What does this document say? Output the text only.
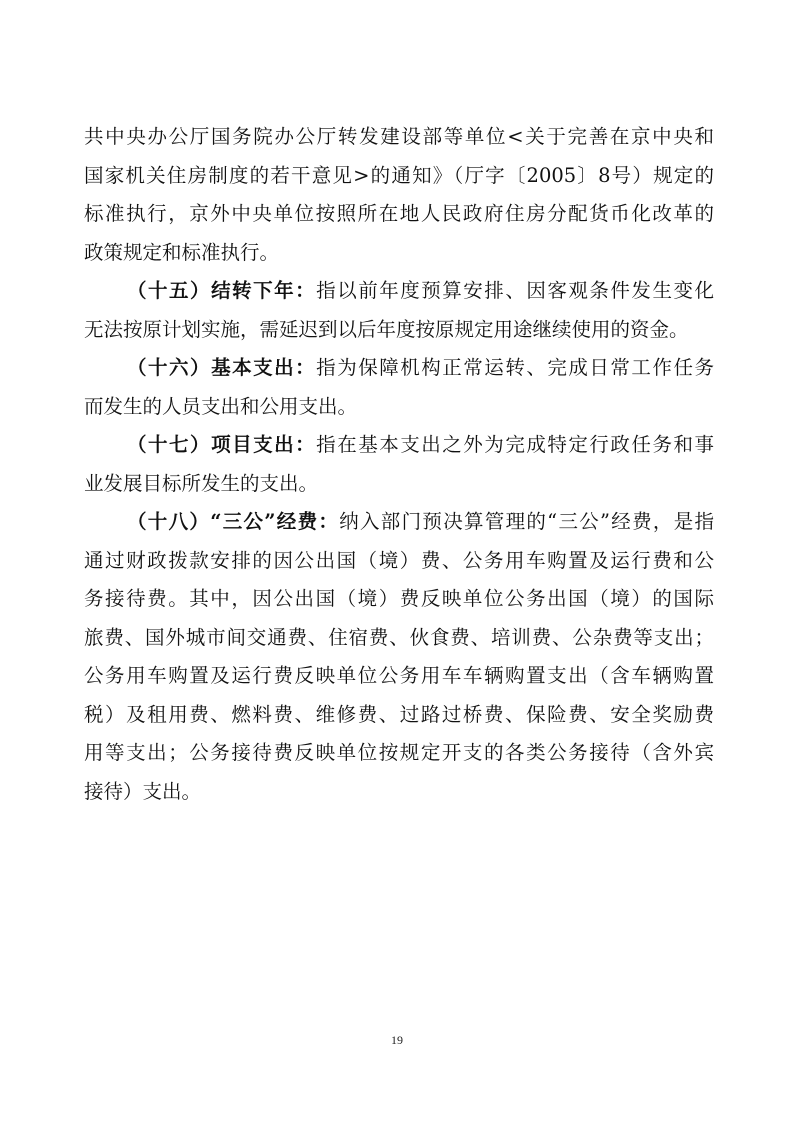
共中央办公厅国务院办公厅转发建设部等单位<关于完善在京中央和
国家机关住房制度的若干意见>的通知》（厅字〔2005〕8号）规定的
标准执行，京外中央单位按照所在地人民政府住房分配货币化改革的
政策规定和标准执行。
（十五）结转下年：指以前年度预算安排、因客观条件发生变化
无法按原计划实施，需延迟到以后年度按原规定用途继续使用的资金。
（十六）基本支出：指为保障机构正常运转、完成日常工作任务
而发生的人员支出和公用支出。
（十七）项目支出：指在基本支出之外为完成特定行政任务和事
业发展目标所发生的支出。
（十八）“三公”经费：纳入部门预决算管理的“三公”经费，是指
通过财政拨款安排的因公出国（境）费、公务用车购置及运行费和公
务接待费。其中，因公出国（境）费反映单位公务出国（境）的国际
旅费、国外城市间交通费、住宿费、伙食费、培训费、公杂费等支出；
公务用车购置及运行费反映单位公务用车车辆购置支出（含车辆购置
税）及租用费、燃料费、维修费、过路过桥费、保险费、安全奖励费
用等支出；公务接待费反映单位按规定开支的各类公务接待（含外宾
接待）支出。
19
